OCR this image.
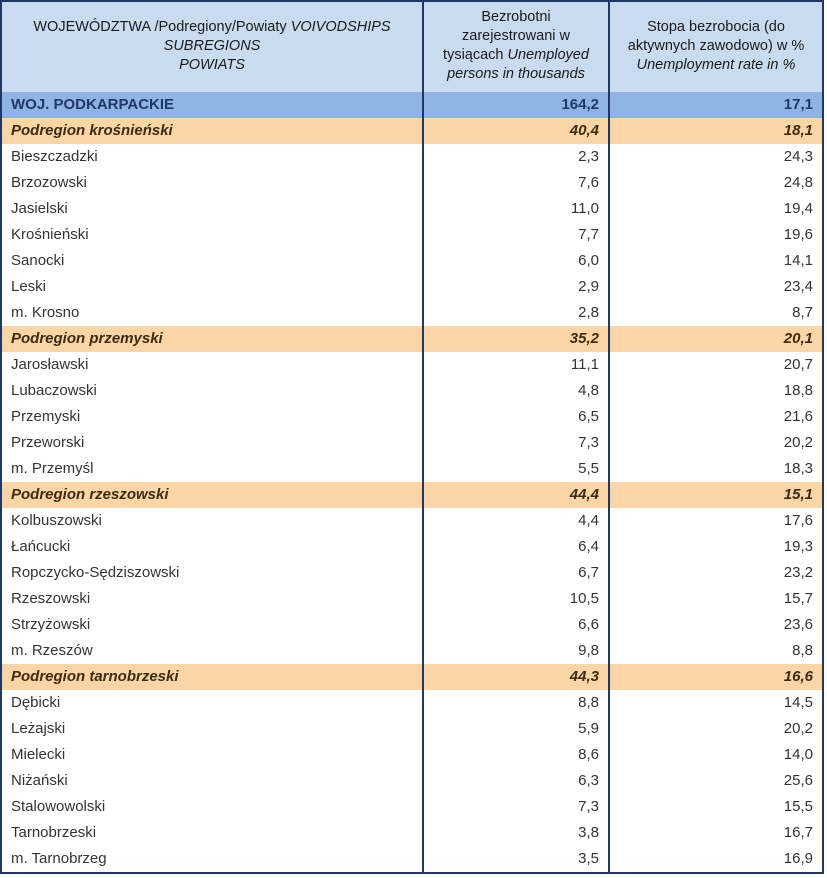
WOJEWÓDZTWA /Podregiony/Powiaty VOIVODSHIPS
SUBREGIONS
POWIATS	Bezrobotni zarejestrowani w tysiącach Unemployed persons in thousands	Stopa bezrobocia (do aktywnych zawodowo) w %
Unemployment rate in %
WOJ. PODKARPACKIE	164,2	17,1
Podregion krośnieński	40,4	18,1
Bieszczadzki	2,3	24,3
Brzozowski	7,6	24,8
Jasielski	11,0	19,4
Krośnieński	7,7	19,6
Sanocki	6,0	14,1
Leski	2,9	23,4
m. Krosno	2,8	8,7
Podregion przemyski	35,2	20,1
Jarosławski	11,1	20,7
Lubaczowski	4,8	18,8
Przemyski	6,5	21,6
Przeworski	7,3	20,2
m. Przemyśl	5,5	18,3
Podregion rzeszowski	44,4	15,1
Kolbuszowski	4,4	17,6
Łańcucki	6,4	19,3
Ropczycko-Sędziszowski	6,7	23,2
Rzeszowski	10,5	15,7
Strzyżowski	6,6	23,6
m. Rzeszów	9,8	8,8
Podregion tarnobrzeski	44,3	16,6
Dębicki	8,8	14,5
Leżajski	5,9	20,2
Mielecki	8,6	14,0
Niżański	6,3	25,6
Stalowowolski	7,3	15,5
Tarnobrzeski	3,8	16,7
m. Tarnobrzeg	3,5	16,9
